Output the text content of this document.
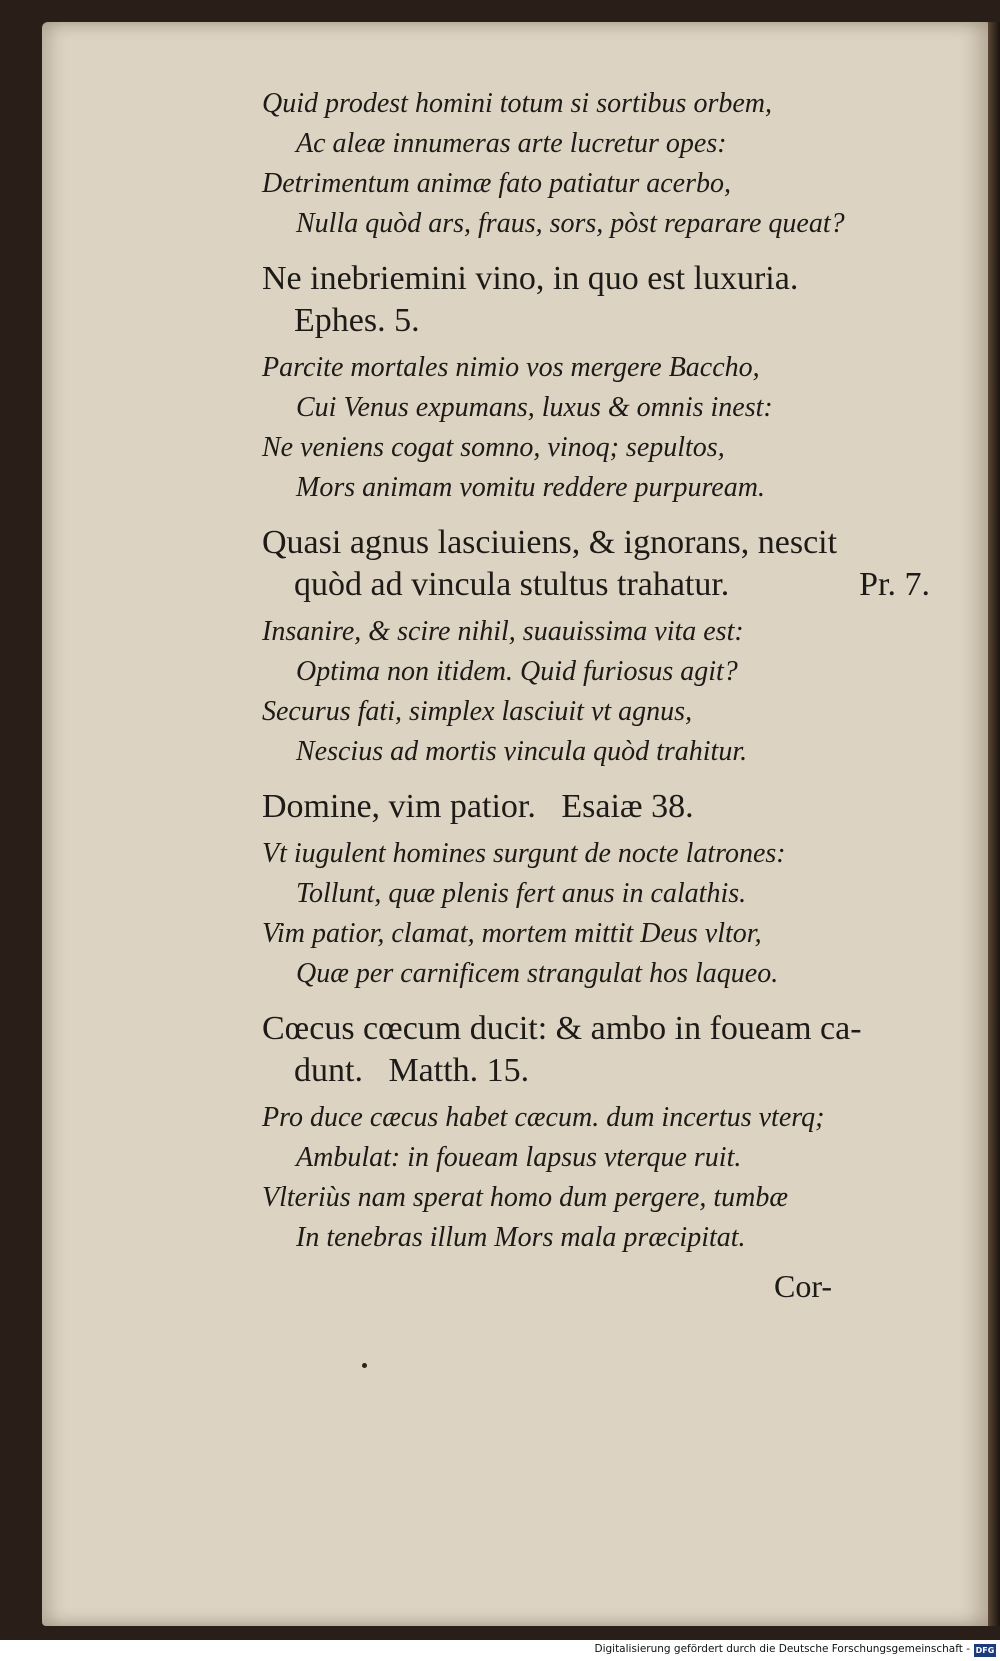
Quid prodest homini totum si sortibus orbem,
Ac aleæ innumeras arte lucretur opes:
Detrimentum animæ fato patiatur acerbo,
Nulla quòd ars, fraus, sors, pòst reparare queat?

Ne inebriemini vino, in quo est luxuria.
Ephes. 5.

Parcite mortales nimio vos mergere Baccho,
Cui Venus expumans, luxus & omnis inest:
Ne veniens cogat somno, vinoq; sepultos,
Mors animam vomitu reddere purpuream.

Quasi agnus lasciuiens, & ignorans, nescit
quòd ad vincula stultus trahatur.	Pr. 7.

Insanire, & scire nihil, suauissima vita est:
Optima non itidem. Quid furiosus agit?
Securus fati, simplex lasciuit vt agnus,
Nescius ad mortis vincula quòd trahitur.

Domine, vim patior.   Esaiæ 38.

Vt iugulent homines surgunt de nocte latrones:
Tollunt, quæ plenis fert anus in calathis.
Vim patior, clamat, mortem mittit Deus vltor,
Quæ per carnificem strangulat hos laqueo.

Cœcus cœcum ducit: & ambo in foueam ca-
dunt.   Matth. 15.

Pro duce cæcus habet cæcum. dum incertus vterq;
Ambulat: in foueam lapsus vterque ruit.
Vlteriùs nam sperat homo dum pergere, tumbæ
In tenebras illum Mors mala præcipitat.
Cor-
Digitalisierung gefördert durch die Deutsche Forschungsgemeinschaft - DFG
